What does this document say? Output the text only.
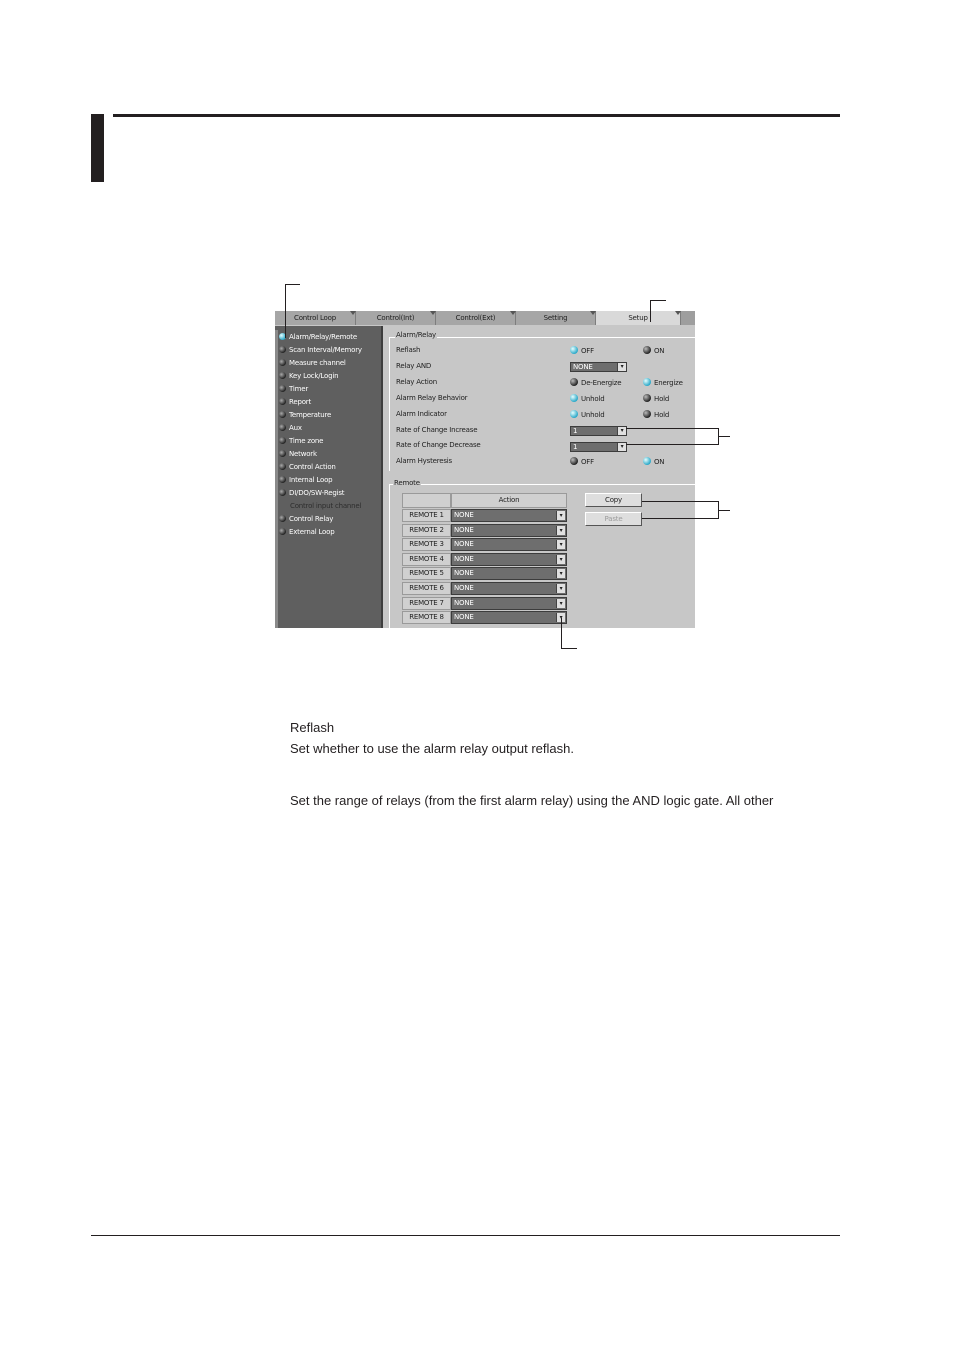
Control Loop	Control(Int)	Control(Ext)	Setting	Setup
Alarm/Relay/Remote
Scan Interval/Memory
Measure channel
Key Lock/Login
Timer
Report
Temperature
Aux
Time zone
Network
Control Action
Internal Loop
DI/DO/SW-Regist
Control input channel
Control Relay
External Loop
Alarm/Relay
Reflash	OFF	ON
Relay AND	NONE	▾
Relay Action	De-Energize	Energize
Alarm Relay Behavior	Unhold	Hold
Alarm Indicator	Unhold	Hold
Rate of Change Increase	1	▾
Rate of Change Decrease	1	▾
Alarm Hysteresis	OFF	ON
Remote
Action
REMOTE 1	NONE	▾
REMOTE 2	NONE	▾
REMOTE 3	NONE	▾
REMOTE 4	NONE	▾
REMOTE 5	NONE	▾
REMOTE 6	NONE	▾
REMOTE 7	NONE	▾
REMOTE 8	NONE
Copy
Paste
Reflash
Set whether to use the alarm relay output reflash.
Set the range of relays (from the first alarm relay) using the AND logic gate. All other
